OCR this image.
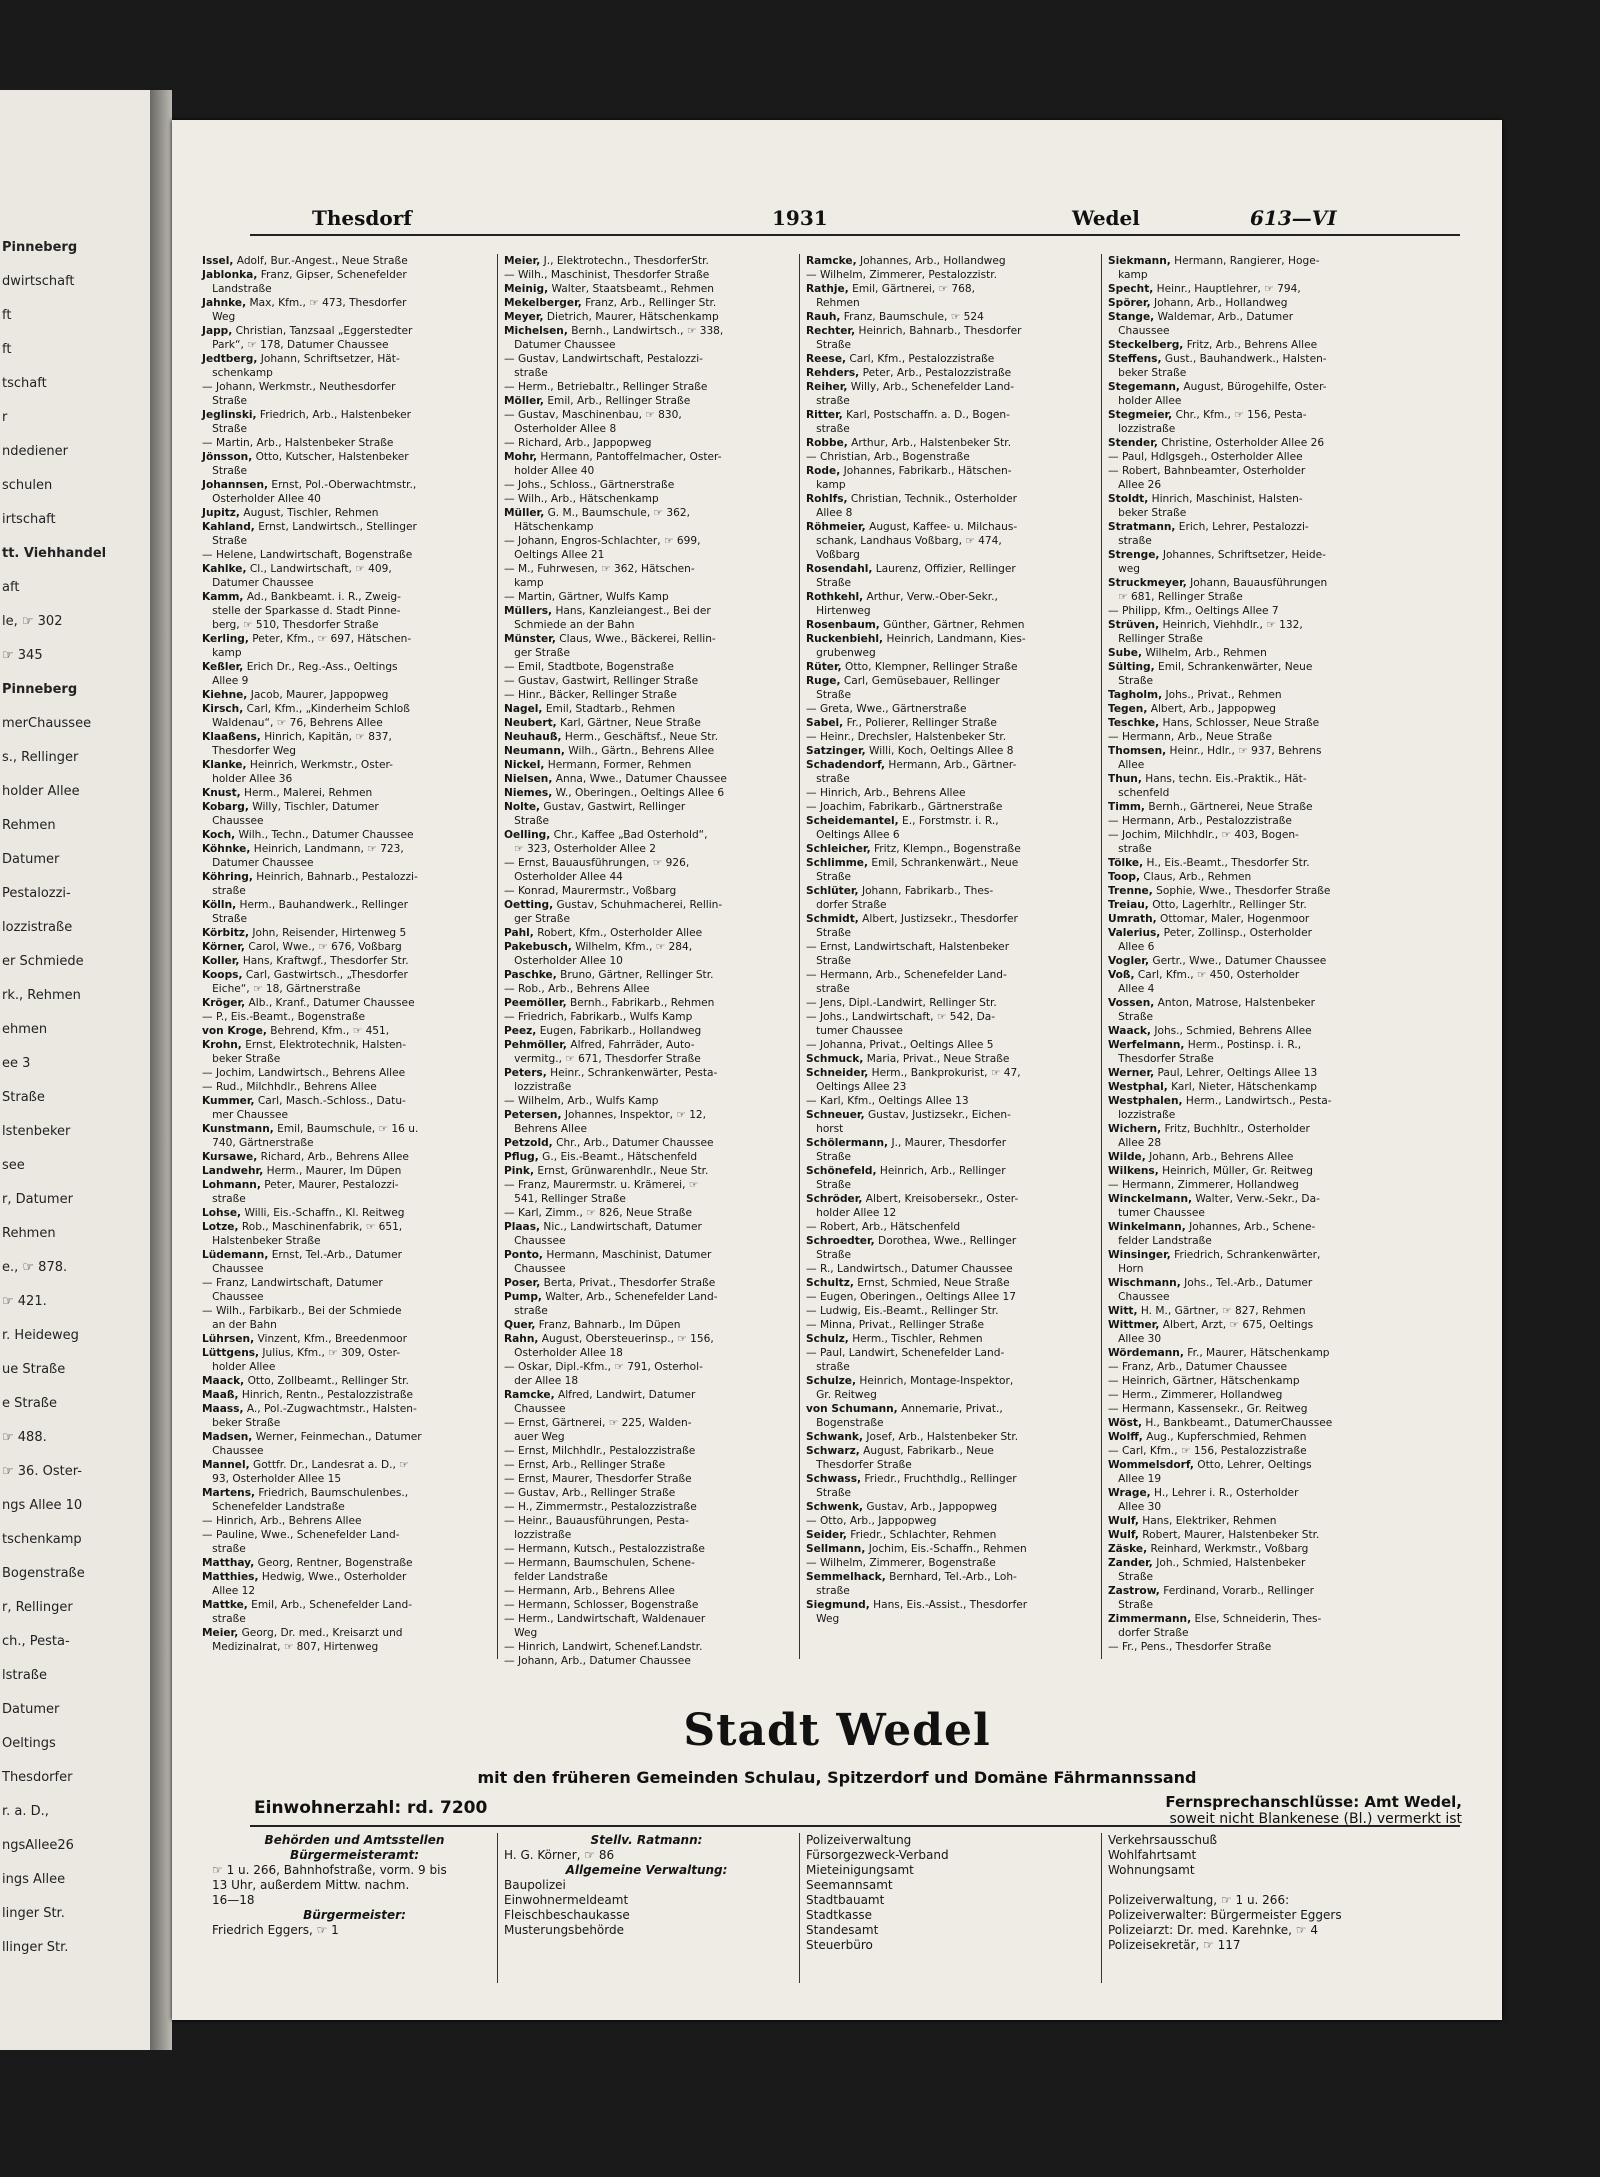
Pinneberg
dwirtschaft
ft
ft
tschaft
r
ndediener
schulen
irtschaft
tt. Viehhandel
aft
le, ☞ 302
☞ 345
Pinneberg
merChaussee
s., Rellinger
holder Allee
Rehmen
Datumer
Pestalozzi-
lozzistraße
er Schmiede
rk., Rehmen
ehmen
ee 3
Straße
lstenbeker
see
r, Datumer
Rehmen
e., ☞ 878.
☞ 421.
r. Heideweg
ue Straße
e Straße
☞ 488.
☞ 36. Oster-
ngs Allee 10
tschenkamp
Bogenstraße
r, Rellinger
ch., Pesta-
lstraße
Datumer
Oeltings
Thesdorfer
r. a. D.,
ngsAllee26
ings Allee
linger Str.
llinger Str.
Thesdorf	1931	Wedel	613—VI

Issel, Adolf, Bur.-Angest., Neue Straße

Jablonka, Franz, Gipser, Schenefelder

Landstraße

Jahnke, Max, Kfm., ☞ 473, Thesdorfer

Weg

Japp, Christian, Tanzsaal „Eggerstedter

Park“, ☞ 178, Datumer Chaussee

Jedtberg, Johann, Schriftsetzer, Hät-

schenkamp

— Johann, Werkmstr., Neuthesdorfer

Straße

Jeglinski, Friedrich, Arb., Halstenbeker

Straße

— Martin, Arb., Halstenbeker Straße

Jönsson, Otto, Kutscher, Halstenbeker

Straße

Johannsen, Ernst, Pol.-Oberwachtmstr.,

Osterholder Allee 40

Jupitz, August, Tischler, Rehmen

Kahland, Ernst, Landwirtsch., Stellinger

Straße

— Helene, Landwirtschaft, Bogenstraße

Kahlke, Cl., Landwirtschaft, ☞ 409,

Datumer Chaussee

Kamm, Ad., Bankbeamt. i. R., Zweig-

stelle der Sparkasse d. Stadt Pinne-

berg, ☞ 510, Thesdorfer Straße

Kerling, Peter, Kfm., ☞ 697, Hätschen-

kamp

Keßler, Erich Dr., Reg.-Ass., Oeltings

Allee 9

Kiehne, Jacob, Maurer, Jappopweg

Kirsch, Carl, Kfm., „Kinderheim Schloß

Waldenau“, ☞ 76, Behrens Allee

Klaaßens, Hinrich, Kapitän, ☞ 837,

Thesdorfer Weg

Klanke, Heinrich, Werkmstr., Oster-

holder Allee 36

Knust, Herm., Malerei, Rehmen

Kobarg, Willy, Tischler, Datumer

Chaussee

Koch, Wilh., Techn., Datumer Chaussee

Köhnke, Heinrich, Landmann, ☞ 723,

Datumer Chaussee

Köhring, Heinrich, Bahnarb., Pestalozzi-

straße

Kölln, Herm., Bauhandwerk., Rellinger

Straße

Körbitz, John, Reisender, Hirtenweg 5

Körner, Carol, Wwe., ☞ 676, Voßbarg

Koller, Hans, Kraftwgf., Thesdorfer Str.

Koops, Carl, Gastwirtsch., „Thesdorfer

Eiche“, ☞ 18, Gärtnerstraße

Kröger, Alb., Kranf., Datumer Chaussee

— P., Eis.-Beamt., Bogenstraße

von Kroge, Behrend, Kfm., ☞ 451,

Krohn, Ernst, Elektrotechnik, Halsten-

beker Straße

— Jochim, Landwirtsch., Behrens Allee

— Rud., Milchhdlr., Behrens Allee

Kummer, Carl, Masch.-Schloss., Datu-

mer Chaussee

Kunstmann, Emil, Baumschule, ☞ 16 u.

740, Gärtnerstraße

Kursawe, Richard, Arb., Behrens Allee

Landwehr, Herm., Maurer, Im Düpen

Lohmann, Peter, Maurer, Pestalozzi-

straße

Lohse, Willi, Eis.-Schaffn., Kl. Reitweg

Lotze, Rob., Maschinenfabrik, ☞ 651,

Halstenbeker Straße

Lüdemann, Ernst, Tel.-Arb., Datumer

Chaussee

— Franz, Landwirtschaft, Datumer

Chaussee

— Wilh., Farbikarb., Bei der Schmiede

an der Bahn

Lührsen, Vinzent, Kfm., Breedenmoor

Lüttgens, Julius, Kfm., ☞ 309, Oster-

holder Allee

Maack, Otto, Zollbeamt., Rellinger Str.

Maaß, Hinrich, Rentn., Pestalozzistraße

Maass, A., Pol.-Zugwachtmstr., Halsten-

beker Straße

Madsen, Werner, Feinmechan., Datumer

Chaussee

Mannel, Gottfr. Dr., Landesrat a. D., ☞

93, Osterholder Allee 15

Martens, Friedrich, Baumschulenbes.,

Schenefelder Landstraße

— Hinrich, Arb., Behrens Allee

— Pauline, Wwe., Schenefelder Land-

straße

Matthay, Georg, Rentner, Bogenstraße

Matthies, Hedwig, Wwe., Osterholder

Allee 12

Mattke, Emil, Arb., Schenefelder Land-

straße

Meier, Georg, Dr. med., Kreisarzt und

Medizinalrat, ☞ 807, Hirtenweg

Meier, J., Elektrotechn., ThesdorferStr.

— Wilh., Maschinist, Thesdorfer Straße

Meinig, Walter, Staatsbeamt., Rehmen

Mekelberger, Franz, Arb., Rellinger Str.

Meyer, Dietrich, Maurer, Hätschenkamp

Michelsen, Bernh., Landwirtsch., ☞ 338,

Datumer Chaussee

— Gustav, Landwirtschaft, Pestalozzi-

straße

— Herm., Betriebaltr., Rellinger Straße

Möller, Emil, Arb., Rellinger Straße

— Gustav, Maschinenbau, ☞ 830,

Osterholder Allee 8

— Richard, Arb., Jappopweg

Mohr, Hermann, Pantoffelmacher, Oster-

holder Allee 40

— Johs., Schloss., Gärtnerstraße

— Wilh., Arb., Hätschenkamp

Müller, G. M., Baumschule, ☞ 362,

Hätschenkamp

— Johann, Engros-Schlachter, ☞ 699,

Oeltings Allee 21

— M., Fuhrwesen, ☞ 362, Hätschen-

kamp

— Martin, Gärtner, Wulfs Kamp

Müllers, Hans, Kanzleiangest., Bei der

Schmiede an der Bahn

Münster, Claus, Wwe., Bäckerei, Rellin-

ger Straße

— Emil, Stadtbote, Bogenstraße

— Gustav, Gastwirt, Rellinger Straße

— Hinr., Bäcker, Rellinger Straße

Nagel, Emil, Stadtarb., Rehmen

Neubert, Karl, Gärtner, Neue Straße

Neuhauß, Herm., Geschäftsf., Neue Str.

Neumann, Wilh., Gärtn., Behrens Allee

Nickel, Hermann, Former, Rehmen

Nielsen, Anna, Wwe., Datumer Chaussee

Niemes, W., Oberingen., Oeltings Allee 6

Nolte, Gustav, Gastwirt, Rellinger

Straße

Oelling, Chr., Kaffee „Bad Osterhold“,

☞ 323, Osterholder Allee 2

— Ernst, Bauausführungen, ☞ 926,

Osterholder Allee 44

— Konrad, Maurermstr., Voßbarg

Oetting, Gustav, Schuhmacherei, Rellin-

ger Straße

Pahl, Robert, Kfm., Osterholder Allee

Pakebusch, Wilhelm, Kfm., ☞ 284,

Osterholder Allee 10

Paschke, Bruno, Gärtner, Rellinger Str.

— Rob., Arb., Behrens Allee

Peemöller, Bernh., Fabrikarb., Rehmen

— Friedrich, Fabrikarb., Wulfs Kamp

Peez, Eugen, Fabrikarb., Hollandweg

Pehmöller, Alfred, Fahrräder, Auto-

vermitg., ☞ 671, Thesdorfer Straße

Peters, Heinr., Schrankenwärter, Pesta-

lozzistraße

— Wilhelm, Arb., Wulfs Kamp

Petersen, Johannes, Inspektor, ☞ 12,

Behrens Allee

Petzold, Chr., Arb., Datumer Chaussee

Pflug, G., Eis.-Beamt., Hätschenfeld

Pink, Ernst, Grünwarenhdlr., Neue Str.

— Franz, Maurermstr. u. Krämerei, ☞

541, Rellinger Straße

— Karl, Zimm., ☞ 826, Neue Straße

Plaas, Nic., Landwirtschaft, Datumer

Chaussee

Ponto, Hermann, Maschinist, Datumer

Chaussee

Poser, Berta, Privat., Thesdorfer Straße

Pump, Walter, Arb., Schenefelder Land-

straße

Quer, Franz, Bahnarb., Im Düpen

Rahn, August, Obersteuerinsp., ☞ 156,

Osterholder Allee 18

— Oskar, Dipl.-Kfm., ☞ 791, Osterhol-

der Allee 18

Ramcke, Alfred, Landwirt, Datumer

Chaussee

— Ernst, Gärtnerei, ☞ 225, Walden-

auer Weg

— Ernst, Milchhdlr., Pestalozzistraße

— Ernst, Arb., Rellinger Straße

— Ernst, Maurer, Thesdorfer Straße

— Gustav, Arb., Rellinger Straße

— H., Zimmermstr., Pestalozzistraße

— Heinr., Bauausführungen, Pesta-

lozzistraße

— Hermann, Kutsch., Pestalozzistraße

— Hermann, Baumschulen, Schene-

felder Landstraße

— Hermann, Arb., Behrens Allee

— Hermann, Schlosser, Bogenstraße

— Herm., Landwirtschaft, Waldenauer

Weg

— Hinrich, Landwirt, Schenef.Landstr.

— Johann, Arb., Datumer Chaussee

Ramcke, Johannes, Arb., Hollandweg

— Wilhelm, Zimmerer, Pestalozzistr.

Rathje, Emil, Gärtnerei, ☞ 768,

Rehmen

Rauh, Franz, Baumschule, ☞ 524

Rechter, Heinrich, Bahnarb., Thesdorfer

Straße

Reese, Carl, Kfm., Pestalozzistraße

Rehders, Peter, Arb., Pestalozzistraße

Reiher, Willy, Arb., Schenefelder Land-

straße

Ritter, Karl, Postschaffn. a. D., Bogen-

straße

Robbe, Arthur, Arb., Halstenbeker Str.

— Christian, Arb., Bogenstraße

Rode, Johannes, Fabrikarb., Hätschen-

kamp

Rohlfs, Christian, Technik., Osterholder

Allee 8

Röhmeier, August, Kaffee- u. Milchaus-

schank, Landhaus Voßbarg, ☞ 474,

Voßbarg

Rosendahl, Laurenz, Offizier, Rellinger

Straße

Rothkehl, Arthur, Verw.-Ober-Sekr.,

Hirtenweg

Rosenbaum, Günther, Gärtner, Rehmen

Ruckenbiehl, Heinrich, Landmann, Kies-

grubenweg

Rüter, Otto, Klempner, Rellinger Straße

Ruge, Carl, Gemüsebauer, Rellinger

Straße

— Greta, Wwe., Gärtnerstraße

Sabel, Fr., Polierer, Rellinger Straße

— Heinr., Drechsler, Halstenbeker Str.

Satzinger, Willi, Koch, Oeltings Allee 8

Schadendorf, Hermann, Arb., Gärtner-

straße

— Hinrich, Arb., Behrens Allee

— Joachim, Fabrikarb., Gärtnerstraße

Scheidemantel, E., Forstmstr. i. R.,

Oeltings Allee 6

Schleicher, Fritz, Klempn., Bogenstraße

Schlimme, Emil, Schrankenwärt., Neue

Straße

Schlüter, Johann, Fabrikarb., Thes-

dorfer Straße

Schmidt, Albert, Justizsekr., Thesdorfer

Straße

— Ernst, Landwirtschaft, Halstenbeker

Straße

— Hermann, Arb., Schenefelder Land-

straße

— Jens, Dipl.-Landwirt, Rellinger Str.

— Johs., Landwirtschaft, ☞ 542, Da-

tumer Chaussee

— Johanna, Privat., Oeltings Allee 5

Schmuck, Maria, Privat., Neue Straße

Schneider, Herm., Bankprokurist, ☞ 47,

Oeltings Allee 23

— Karl, Kfm., Oeltings Allee 13

Schneuer, Gustav, Justizsekr., Eichen-

horst

Schölermann, J., Maurer, Thesdorfer

Straße

Schönefeld, Heinrich, Arb., Rellinger

Straße

Schröder, Albert, Kreisobersekr., Oster-

holder Allee 12

— Robert, Arb., Hätschenfeld

Schroedter, Dorothea, Wwe., Rellinger

Straße

— R., Landwirtsch., Datumer Chaussee

Schultz, Ernst, Schmied, Neue Straße

— Eugen, Oberingen., Oeltings Allee 17

— Ludwig, Eis.-Beamt., Rellinger Str.

— Minna, Privat., Rellinger Straße

Schulz, Herm., Tischler, Rehmen

— Paul, Landwirt, Schenefelder Land-

straße

Schulze, Heinrich, Montage-Inspektor,

Gr. Reitweg

von Schumann, Annemarie, Privat.,

Bogenstraße

Schwank, Josef, Arb., Halstenbeker Str.

Schwarz, August, Fabrikarb., Neue

Thesdorfer Straße

Schwass, Friedr., Fruchthdlg., Rellinger

Straße

Schwenk, Gustav, Arb., Jappopweg

— Otto, Arb., Jappopweg

Seider, Friedr., Schlachter, Rehmen

Sellmann, Jochim, Eis.-Schaffn., Rehmen

— Wilhelm, Zimmerer, Bogenstraße

Semmelhack, Bernhard, Tel.-Arb., Loh-

straße

Siegmund, Hans, Eis.-Assist., Thesdorfer

Weg

Siekmann, Hermann, Rangierer, Hoge-

kamp

Specht, Heinr., Hauptlehrer, ☞ 794,

Spörer, Johann, Arb., Hollandweg

Stange, Waldemar, Arb., Datumer

Chaussee

Steckelberg, Fritz, Arb., Behrens Allee

Steffens, Gust., Bauhandwerk., Halsten-

beker Straße

Stegemann, August, Bürogehilfe, Oster-

holder Allee

Stegmeier, Chr., Kfm., ☞ 156, Pesta-

lozzistraße

Stender, Christine, Osterholder Allee 26

— Paul, Hdlgsgeh., Osterholder Allee

— Robert, Bahnbeamter, Osterholder

Allee 26

Stoldt, Hinrich, Maschinist, Halsten-

beker Straße

Stratmann, Erich, Lehrer, Pestalozzi-

straße

Strenge, Johannes, Schriftsetzer, Heide-

weg

Struckmeyer, Johann, Bauausführungen

☞ 681, Rellinger Straße

— Philipp, Kfm., Oeltings Allee 7

Strüven, Heinrich, Viehhdlr., ☞ 132,

Rellinger Straße

Sube, Wilhelm, Arb., Rehmen

Sülting, Emil, Schrankenwärter, Neue

Straße

Tagholm, Johs., Privat., Rehmen

Tegen, Albert, Arb., Jappopweg

Teschke, Hans, Schlosser, Neue Straße

— Hermann, Arb., Neue Straße

Thomsen, Heinr., Hdlr., ☞ 937, Behrens

Allee

Thun, Hans, techn. Eis.-Praktik., Hät-

schenfeld

Timm, Bernh., Gärtnerei, Neue Straße

— Hermann, Arb., Pestalozzistraße

— Jochim, Milchhdlr., ☞ 403, Bogen-

straße

Tölke, H., Eis.-Beamt., Thesdorfer Str.

Toop, Claus, Arb., Rehmen

Trenne, Sophie, Wwe., Thesdorfer Straße

Treiau, Otto, Lagerhltr., Rellinger Str.

Umrath, Ottomar, Maler, Hogenmoor

Valerius, Peter, Zollinsp., Osterholder

Allee 6

Vogler, Gertr., Wwe., Datumer Chaussee

Voß, Carl, Kfm., ☞ 450, Osterholder

Allee 4

Vossen, Anton, Matrose, Halstenbeker

Straße

Waack, Johs., Schmied, Behrens Allee

Werfelmann, Herm., Postinsp. i. R.,

Thesdorfer Straße

Werner, Paul, Lehrer, Oeltings Allee 13

Westphal, Karl, Nieter, Hätschenkamp

Westphalen, Herm., Landwirtsch., Pesta-

lozzistraße

Wichern, Fritz, Buchhltr., Osterholder

Allee 28

Wilde, Johann, Arb., Behrens Allee

Wilkens, Heinrich, Müller, Gr. Reitweg

— Hermann, Zimmerer, Hollandweg

Winckelmann, Walter, Verw.-Sekr., Da-

tumer Chaussee

Winkelmann, Johannes, Arb., Schene-

felder Landstraße

Winsinger, Friedrich, Schrankenwärter,

Horn

Wischmann, Johs., Tel.-Arb., Datumer

Chaussee

Witt, H. M., Gärtner, ☞ 827, Rehmen

Wittmer, Albert, Arzt, ☞ 675, Oeltings

Allee 30

Wördemann, Fr., Maurer, Hätschenkamp

— Franz, Arb., Datumer Chaussee

— Heinrich, Gärtner, Hätschenkamp

— Herm., Zimmerer, Hollandweg

— Hermann, Kassensekr., Gr. Reitweg

Wöst, H., Bankbeamt., DatumerChaussee

Wolff, Aug., Kupferschmied, Rehmen

— Carl, Kfm., ☞ 156, Pestalozzistraße

Wommelsdorf, Otto, Lehrer, Oeltings

Allee 19

Wrage, H., Lehrer i. R., Osterholder

Allee 30

Wulf, Hans, Elektriker, Rehmen

Wulf, Robert, Maurer, Halstenbeker Str.

Zäske, Reinhard, Werkmstr., Voßbarg

Zander, Joh., Schmied, Halstenbeker

Straße

Zastrow, Ferdinand, Vorarb., Rellinger

Straße

Zimmermann, Else, Schneiderin, Thes-

dorfer Straße

— Fr., Pens., Thesdorfer Straße

Stadt Wedel
mit den früheren Gemeinden Schulau, Spitzerdorf und Domäne Fährmannssand
Einwohnerzahl: rd. 7200	Fernsprechanschlüsse: Amt Wedel,
soweit nicht Blankenese (Bl.) vermerkt ist
Behörden und Amtsstellen
Bürgermeisteramt:
☞ 1 u. 266, Bahnhofstraße, vorm. 9 bis
13 Uhr, außerdem Mittw. nachm.
16—18
Bürgermeister:
Friedrich Eggers, ☞ 1
Stellv. Ratmann:
H. G. Körner, ☞ 86
Allgemeine Verwaltung:
Baupolizei
Einwohnermeldeamt
Fleischbeschaukasse
Musterungsbehörde
Polizeiverwaltung
Fürsorgezweck-Verband
Mieteinigungsamt
Seemannsamt
Stadtbauamt
Stadtkasse
Standesamt
Steuerbüro
Verkehrsausschuß
Wohlfahrtsamt
Wohnungsamt

Polizeiverwaltung, ☞ 1 u. 266:
Polizeiverwalter: Bürgermeister Eggers
Polizeiarzt: Dr. med. Karehnke, ☞ 4
Polizeisekretär, ☞ 117
